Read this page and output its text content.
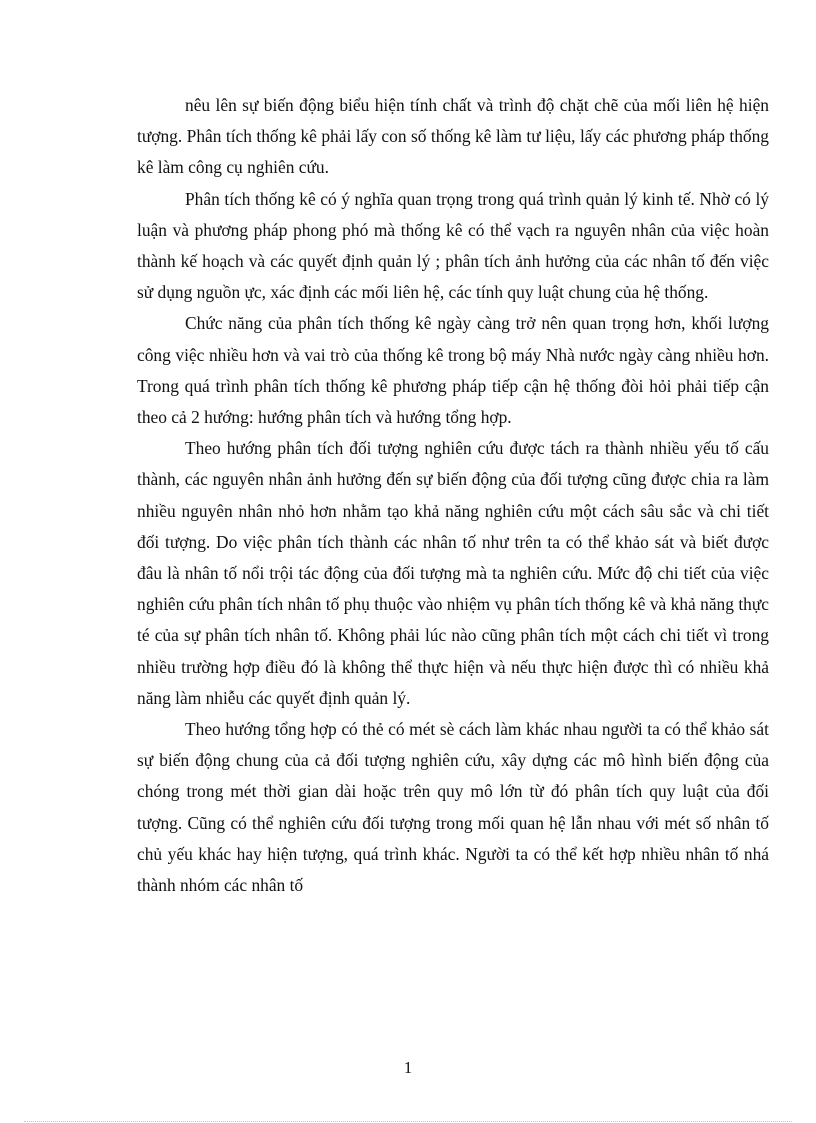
nêu lên sự biến động biểu hiện tính chất và trình độ chặt chẽ của mối liên hệ hiện tượng. Phân tích thống kê phải lấy con số thống kê làm tư liệu, lấy các phương pháp thống kê làm công cụ nghiên cứu.

Phân tích thống kê có ý nghĩa quan trọng trong quá trình quản lý kinh tế. Nhờ có lý luận và phương pháp phong phó mà thống kê có thể vạch ra nguyên nhân của việc hoàn thành kế hoạch và các quyết định quản lý ; phân tích ảnh hưởng của các nhân tố đến việc sử dụng nguồn ực, xác định các mối liên hệ, các tính quy luật chung của hệ thống.

Chức năng của phân tích thống kê ngày càng trở nên quan trọng hơn, khối lượng công việc nhiều hơn và vai trò của thống kê trong bộ máy Nhà nước ngày càng nhiều hơn. Trong quá trình phân tích thống kê phương pháp tiếp cận hệ thống đòi hỏi phải tiếp cận theo cả 2 hướng: hướng phân tích và hướng tổng hợp.

Theo hướng phân tích đối tượng nghiên cứu được tách ra thành nhiều yếu tố cấu thành, các nguyên nhân ảnh hưởng đến sự biến động của đối tượng cũng được chia ra làm nhiều nguyên nhân nhỏ hơn nhằm tạo khả năng nghiên cứu một cách sâu sắc và chi tiết đối tượng. Do việc phân tích thành các nhân tố như trên ta có thể khảo sát và biết được đâu là nhân tố nổi trội tác động của đối tượng mà ta nghiên cứu. Mức độ chi tiết của việc nghiên cứu phân tích nhân tố phụ thuộc vào nhiệm vụ phân tích thống kê và khả năng thực té của sự phân tích nhân tố. Không phải lúc nào cũng phân tích một cách chi tiết vì trong nhiều trường hợp điều đó là không thể thực hiện và nếu thực hiện được thì có nhiều khả năng làm nhiễu các quyết định quản lý.

Theo hướng tổng hợp có thẻ có mét sè cách làm khác nhau người ta có thể khảo sát sự biến động chung của cả đối tượng nghiên cứu, xây dựng các mô hình biến động của chóng trong mét thời gian dài hoặc trên quy mô lớn từ đó phân tích quy luật của đối tượng. Cũng có thể nghiên cứu đối tượng trong mối quan hệ lẫn nhau với mét số nhân tố chủ yếu khác hay hiện tượng, quá trình khác. Người ta có thể kết hợp nhiều nhân tố nhá thành nhóm các nhân tố

1
